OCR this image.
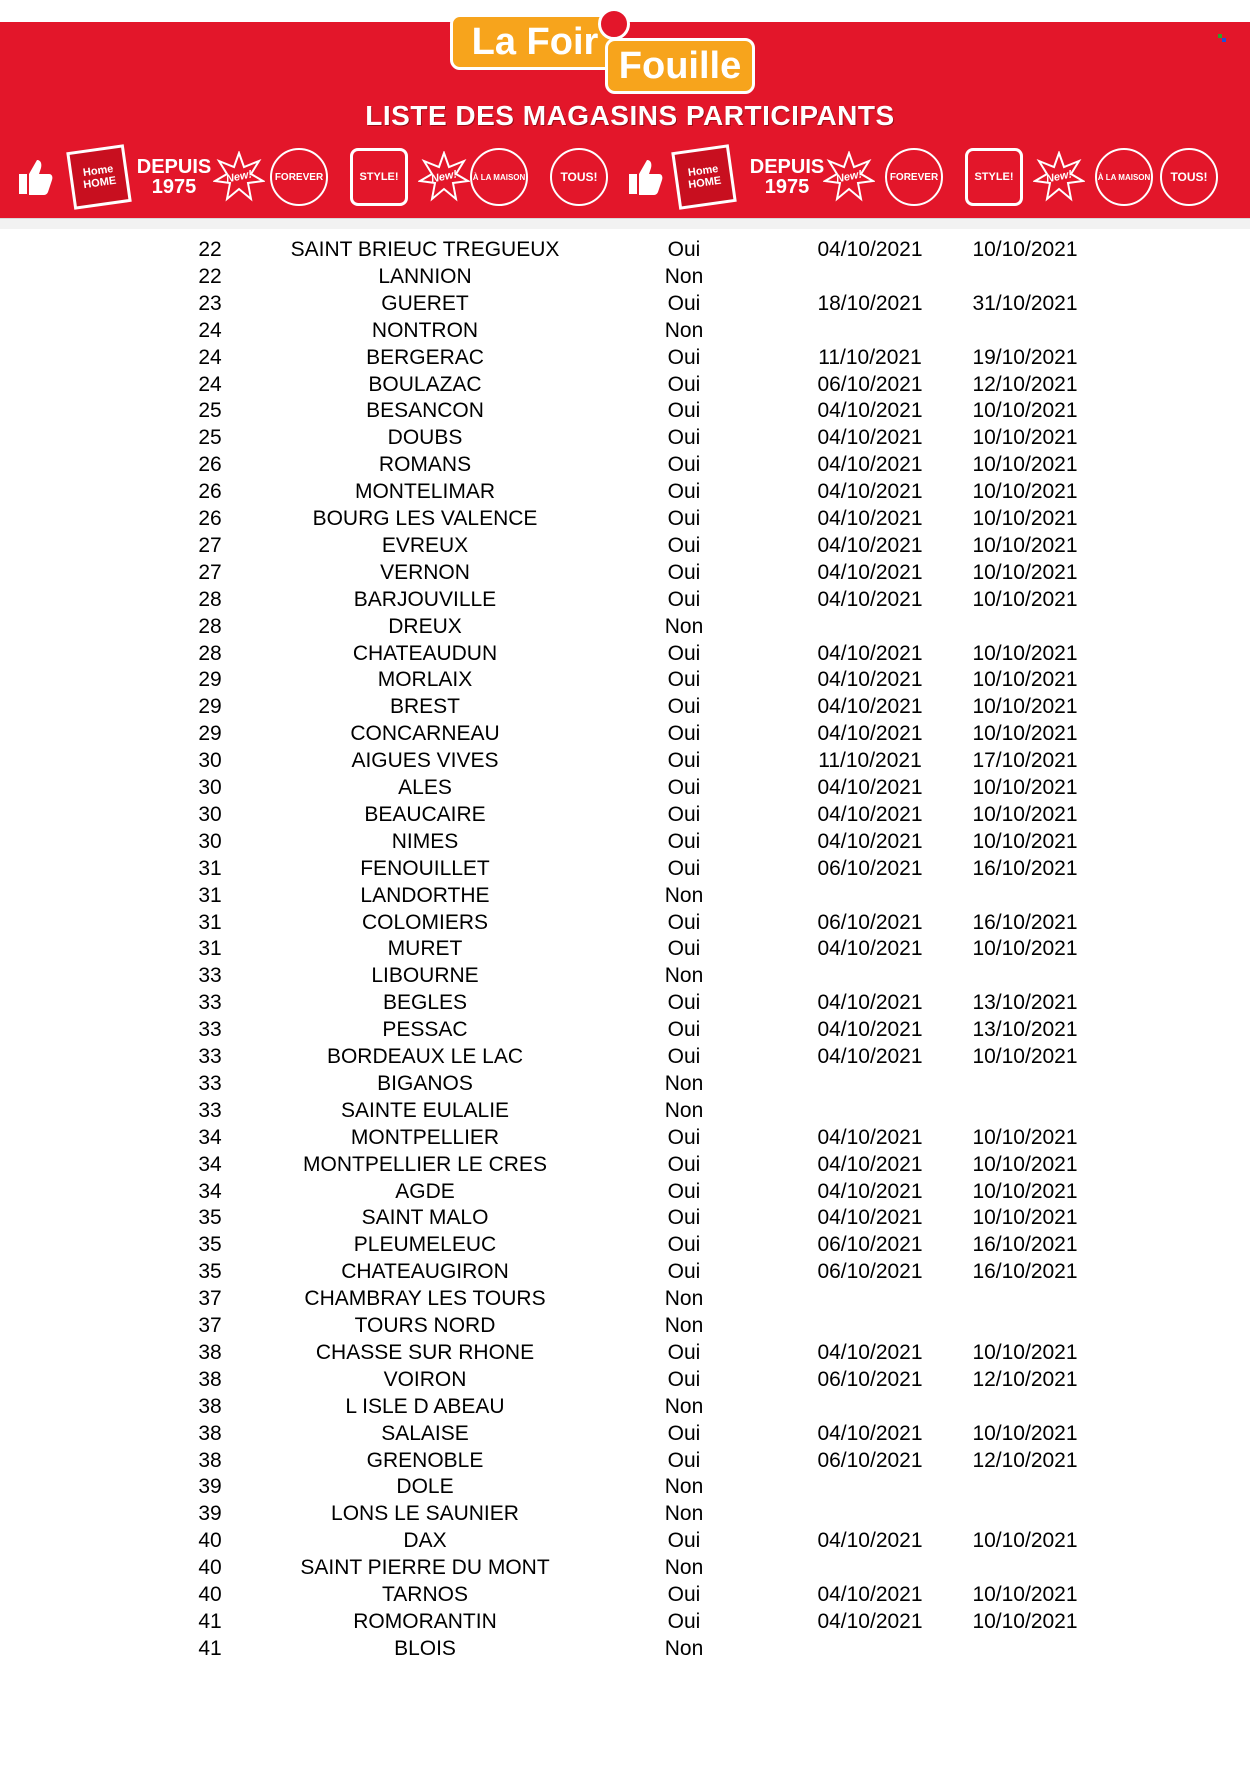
La Foir
Fouille
LISTE DES MAGASINS PARTICIPANTS
Home HOME
DEPUIS 1975	New! FOREVER	STYLE!	New! À LA MAISON	TOUS!	Home HOME
DEPUIS 1975	New!	FOREVER	STYLE!	New!	À LA MAISON TOUS!
22	SAINT BRIEUC TREGUEUX	Oui	04/10/2021	10/10/2021
22	LANNION	Non
23	GUERET	Oui	18/10/2021	31/10/2021
24	NONTRON	Non
24	BERGERAC	Oui	11/10/2021	19/10/2021
24	BOULAZAC	Oui	06/10/2021	12/10/2021
25	BESANCON	Oui	04/10/2021	10/10/2021
25	DOUBS	Oui	04/10/2021	10/10/2021
26	ROMANS	Oui	04/10/2021	10/10/2021
26	MONTELIMAR	Oui	04/10/2021	10/10/2021
26	BOURG LES VALENCE	Oui	04/10/2021	10/10/2021
27	EVREUX	Oui	04/10/2021	10/10/2021
27	VERNON	Oui	04/10/2021	10/10/2021
28	BARJOUVILLE	Oui	04/10/2021	10/10/2021
28	DREUX	Non
28	CHATEAUDUN	Oui	04/10/2021	10/10/2021
29	MORLAIX	Oui	04/10/2021	10/10/2021
29	BREST	Oui	04/10/2021	10/10/2021
29	CONCARNEAU	Oui	04/10/2021	10/10/2021
30	AIGUES VIVES	Oui	11/10/2021	17/10/2021
30	ALES	Oui	04/10/2021	10/10/2021
30	BEAUCAIRE	Oui	04/10/2021	10/10/2021
30	NIMES	Oui	04/10/2021	10/10/2021
31	FENOUILLET	Oui	06/10/2021	16/10/2021
31	LANDORTHE	Non
31	COLOMIERS	Oui	06/10/2021	16/10/2021
31	MURET	Oui	04/10/2021	10/10/2021
33	LIBOURNE	Non
33	BEGLES	Oui	04/10/2021	13/10/2021
33	PESSAC	Oui	04/10/2021	13/10/2021
33	BORDEAUX LE LAC	Oui	04/10/2021	10/10/2021
33	BIGANOS	Non
33	SAINTE EULALIE	Non
34	MONTPELLIER	Oui	04/10/2021	10/10/2021
34	MONTPELLIER LE CRES	Oui	04/10/2021	10/10/2021
34	AGDE	Oui	04/10/2021	10/10/2021
35	SAINT MALO	Oui	04/10/2021	10/10/2021
35	PLEUMELEUC	Oui	06/10/2021	16/10/2021
35	CHATEAUGIRON	Oui	06/10/2021	16/10/2021
37	CHAMBRAY LES TOURS	Non
37	TOURS NORD	Non
38	CHASSE SUR RHONE	Oui	04/10/2021	10/10/2021
38	VOIRON	Oui	06/10/2021	12/10/2021
38	L ISLE D ABEAU	Non
38	SALAISE	Oui	04/10/2021	10/10/2021
38	GRENOBLE	Oui	06/10/2021	12/10/2021
39	DOLE	Non
39	LONS LE SAUNIER	Non
40	DAX	Oui	04/10/2021	10/10/2021
40	SAINT PIERRE DU MONT	Non
40	TARNOS	Oui	04/10/2021	10/10/2021
41	ROMORANTIN	Oui	04/10/2021	10/10/2021
41	BLOIS	Non
